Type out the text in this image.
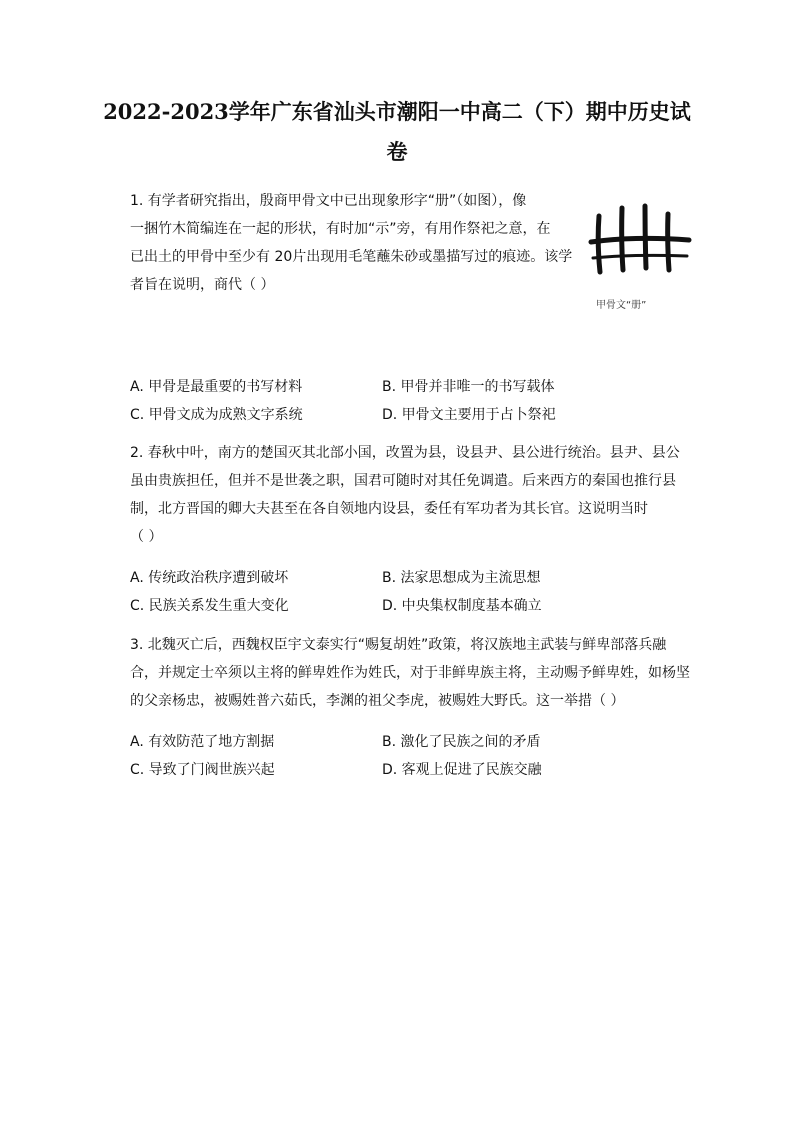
2022-2023学年广东省汕头市潮阳一中高二（下）期中历史试
卷
1. 有学者研究指出，殷商甲骨文中已出现象形字“册”（如图），像
一捆竹木简编连在一起的形状，有时加“示”旁，有用作祭祀之意，在
已出土的甲骨中至少有 20片出现用毛笔蘸朱砂或墨描写过的痕迹。该学
者旨在说明，商代（ ）
甲骨文“册”
A. 甲骨是最重要的书写材料	B. 甲骨并非唯一的书写载体
C. 甲骨文成为成熟文字系统	D. 甲骨文主要用于占卜祭祀
2. 春秋中叶，南方的楚国灭其北部小国，改置为县，设县尹、县公进行统治。县尹、县公
虽由贵族担任，但并不是世袭之职，国君可随时对其任免调遣。后来西方的秦国也推行县
制，北方晋国的卿大夫甚至在各自领地内设县，委任有军功者为其长官。这说明当时
（ ）
A. 传统政治秩序遭到破坏	B. 法家思想成为主流思想
C. 民族关系发生重大变化	D. 中央集权制度基本确立
3. 北魏灭亡后，西魏权臣宇文泰实行“赐复胡姓”政策，将汉族地主武装与鲜卑部落兵融
合，并规定士卒须以主将的鲜卑姓作为姓氏，对于非鲜卑族主将，主动赐予鲜卑姓，如杨坚
的父亲杨忠，被赐姓普六茹氏，李渊的祖父李虎，被赐姓大野氏。这一举措（ ）
A. 有效防范了地方割据	B. 激化了民族之间的矛盾
C. 导致了门阀世族兴起	D. 客观上促进了民族交融
